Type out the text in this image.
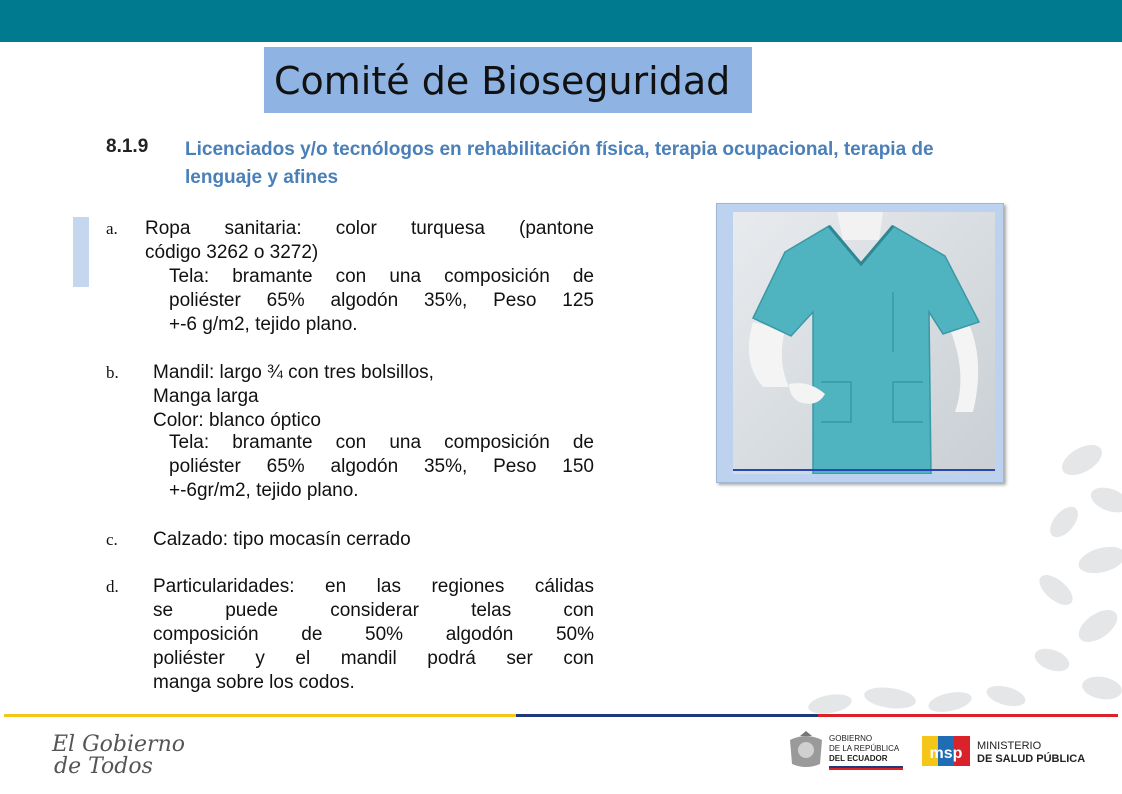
Comité de Bioseguridad
8.1.9 Licenciados y/o tecnólogos en rehabilitación física, terapia ocupacional, terapia de lenguaje y afines
a. Ropa sanitaria: color turquesa (pantone
código 3262 o 3272)
Tela: bramante con una composición de
poliéster 65% algodón 35%, Peso 125
+-6 g/m2, tejido plano.
b. Mandil: largo ¾ con tres bolsillos,
Manga larga
Color: blanco óptico
Tela: bramante con una composición de
poliéster 65% algodón 35%, Peso 150
+-6gr/m2, tejido plano.
c. Calzado: tipo mocasín cerrado
d. Particularidades: en las regiones cálidas
se puede considerar telas con
composición de 50% algodón 50%
poliéster y el mandil podrá ser con
manga sobre los codos.
El Gobierno
de Todos
GOBIERNO
DE LA REPÚBLICA
DEL ECUADOR	msp MINISTERIO
DE SALUD PÚBLICA
